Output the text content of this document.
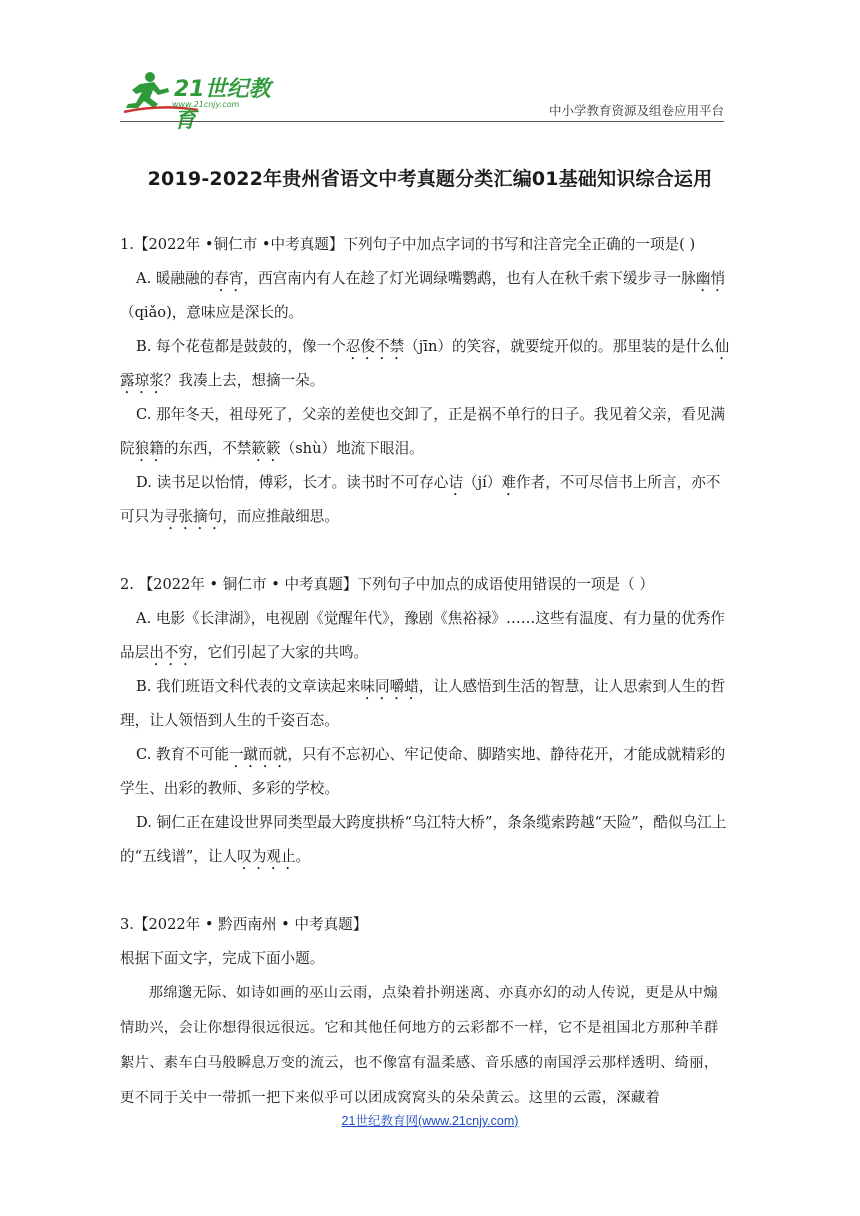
21世纪教育
www.21cnjy.com	中小学教育资源及组卷应用平台
2019-2022年贵州省语文中考真题分类汇编01基础知识综合运用

1.【2022年 •铜仁市 •中考真题】下列句子中加点字词的书写和注音完全正确的一项是( )

A. 暖融融的春宵，西宫南内有人在趁了灯光调绿嘴鹦鹉，也有人在秋千索下缓步寻一脉幽悄（qiǎo)，意味应是深长的。

B. 每个花苞都是鼓鼓的，像一个忍俊不禁（jīn）的笑容，就要绽开似的。那里装的是什么仙露琼浆？我凑上去，想摘一朵。

C. 那年冬天，祖母死了，父亲的差使也交卸了，正是祸不单行的日子。我见着父亲，看见满院狼籍的东西，不禁簌簌（shù）地流下眼泪。

D. 读书足以怡情，傅彩，长才。读书时不可存心诘（jí）难作者，不可尽信书上所言，亦不可只为寻张摘句，而应推敲细思。

2. 【2022年 • 铜仁市 • 中考真题】下列句子中加点的成语使用错误的一项是（ ）

A. 电影《长津湖》，电视剧《觉醒年代》，豫剧《焦裕禄》……这些有温度、有力量的优秀作品层出不穷，它们引起了大家的共鸣。

B. 我们班语文科代表的文章读起来味同嚼蜡，让人感悟到生活的智慧，让人思索到人生的哲理，让人领悟到人生的千姿百态。

C. 教育不可能一蹴而就，只有不忘初心、牢记使命、脚踏实地、静待花开，才能成就精彩的学生、出彩的教师、多彩的学校。

D. 铜仁正在建设世界同类型最大跨度拱桥“乌江特大桥”，条条缆索跨越“天险”，酷似乌江上的“五线谱”，让人叹为观止。

3.【2022年 • 黔西南州 • 中考真题】

根据下面文字，完成下面小题。

那绵邈无际、如诗如画的巫山云雨，点染着扑朔迷离、亦真亦幻的动人传说，更是从中煽情助兴，会让你想得很远很远。它和其他任何地方的云彩都不一样，它不是祖国北方那种羊群絮片、素车白马般瞬息万变的流云，也不像富有温柔感、音乐感的南国浮云那样透明、绮丽，更不同于关中一带抓一把下来似乎可以团成窝窝头的朵朵黄云。这里的云霞，深藏着

21世纪教育网(www.21cnjy.com)
